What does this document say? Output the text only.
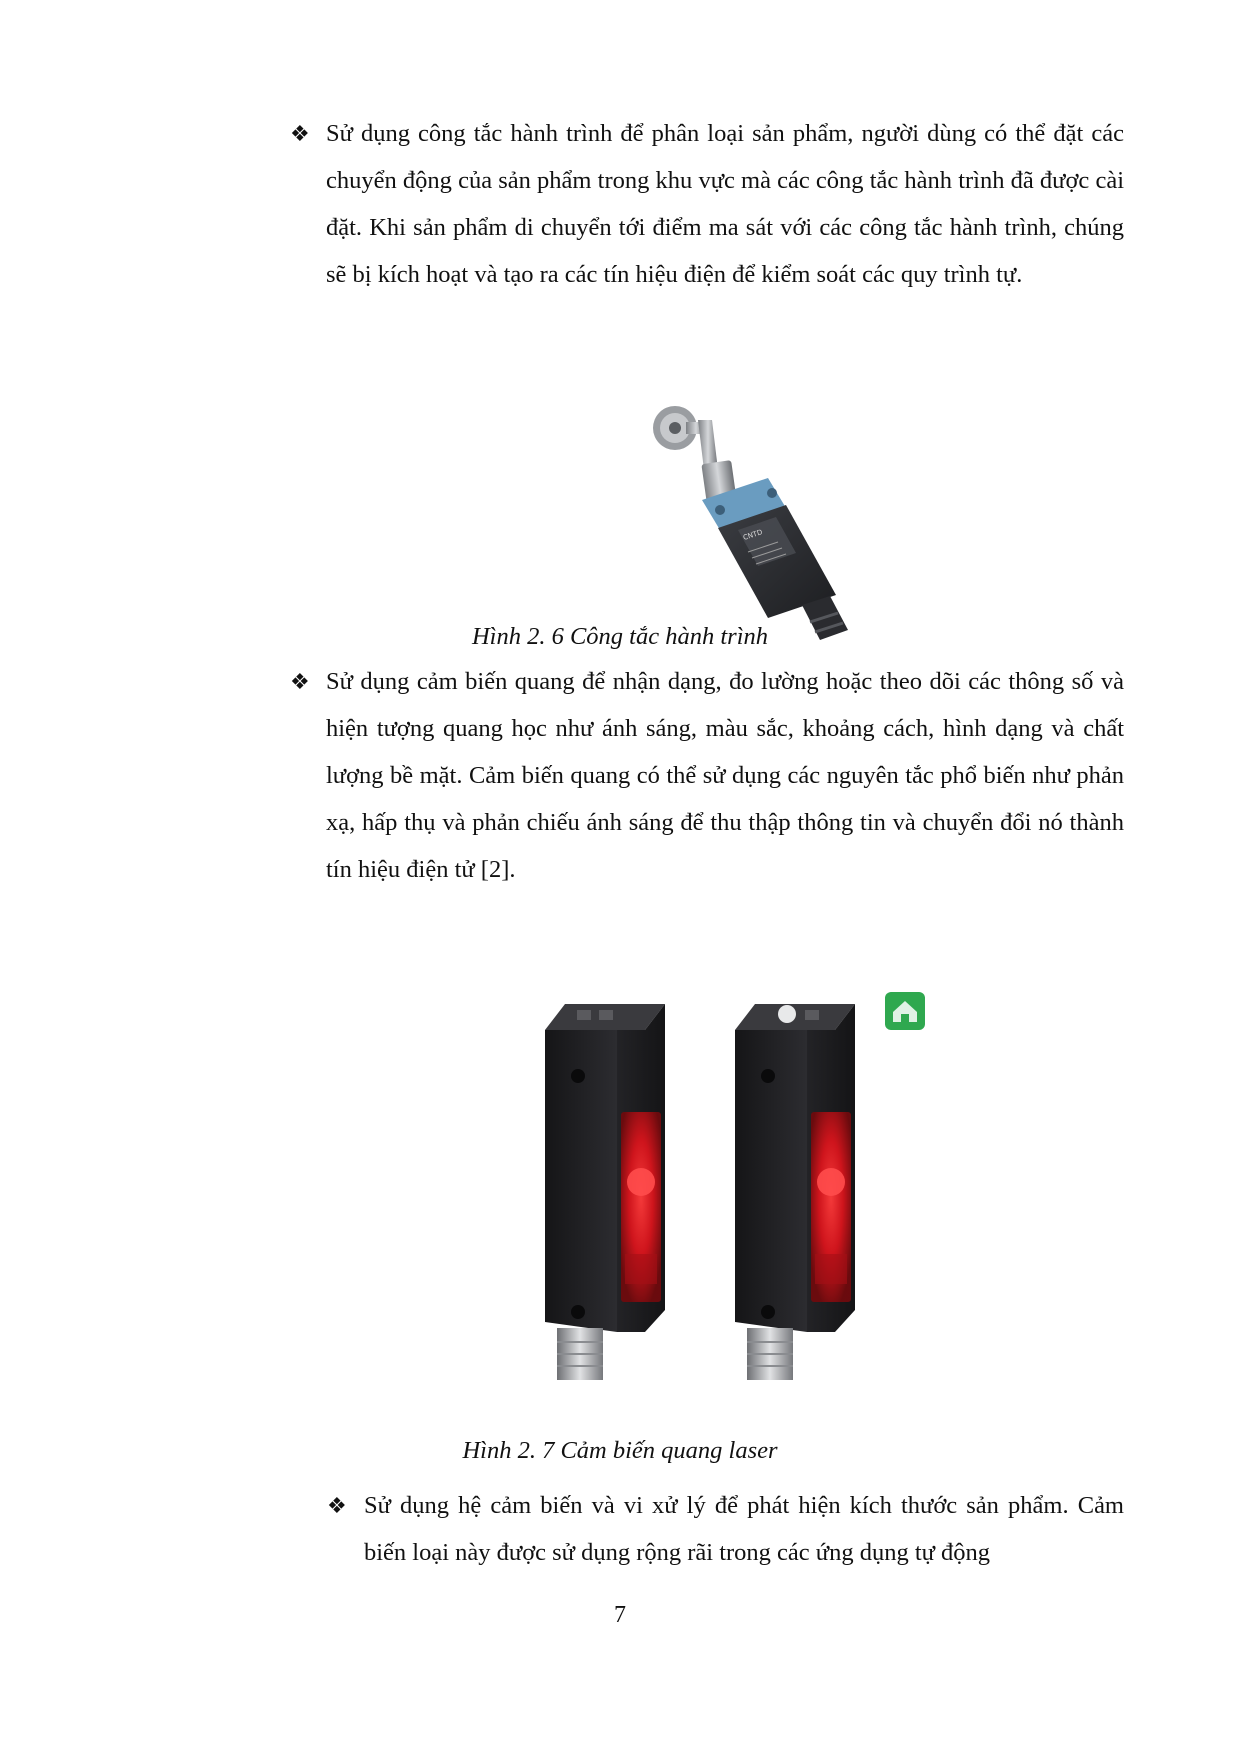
❖ Sử dụng công tắc hành trình để phân loại sản phẩm, người dùng có thể đặt các chuyển động của sản phẩm trong khu vực mà các công tắc hành trình đã được cài đặt. Khi sản phẩm di chuyển tới điểm ma sát với các công tắc hành trình, chúng sẽ bị kích hoạt và tạo ra các tín hiệu điện để kiểm soát các quy trình tự.

CNTD
Hình 2. 6 Công tắc hành trình
❖ Sử dụng cảm biến quang để nhận dạng, đo lường hoặc theo dõi các thông số và hiện tượng quang học như ánh sáng, màu sắc, khoảng cách, hình dạng và chất lượng bề mặt. Cảm biến quang có thể sử dụng các nguyên tắc phổ biến như phản xạ, hấp thụ và phản chiếu ánh sáng để thu thập thông tin và chuyển đổi nó thành tín hiệu điện tử [2].

Hình 2. 7 Cảm biến quang laser
❖ Sử dụng hệ cảm biến và vi xử lý để phát hiện kích thước sản phẩm. Cảm biến loại này được sử dụng rộng rãi trong các ứng dụng tự động

7
